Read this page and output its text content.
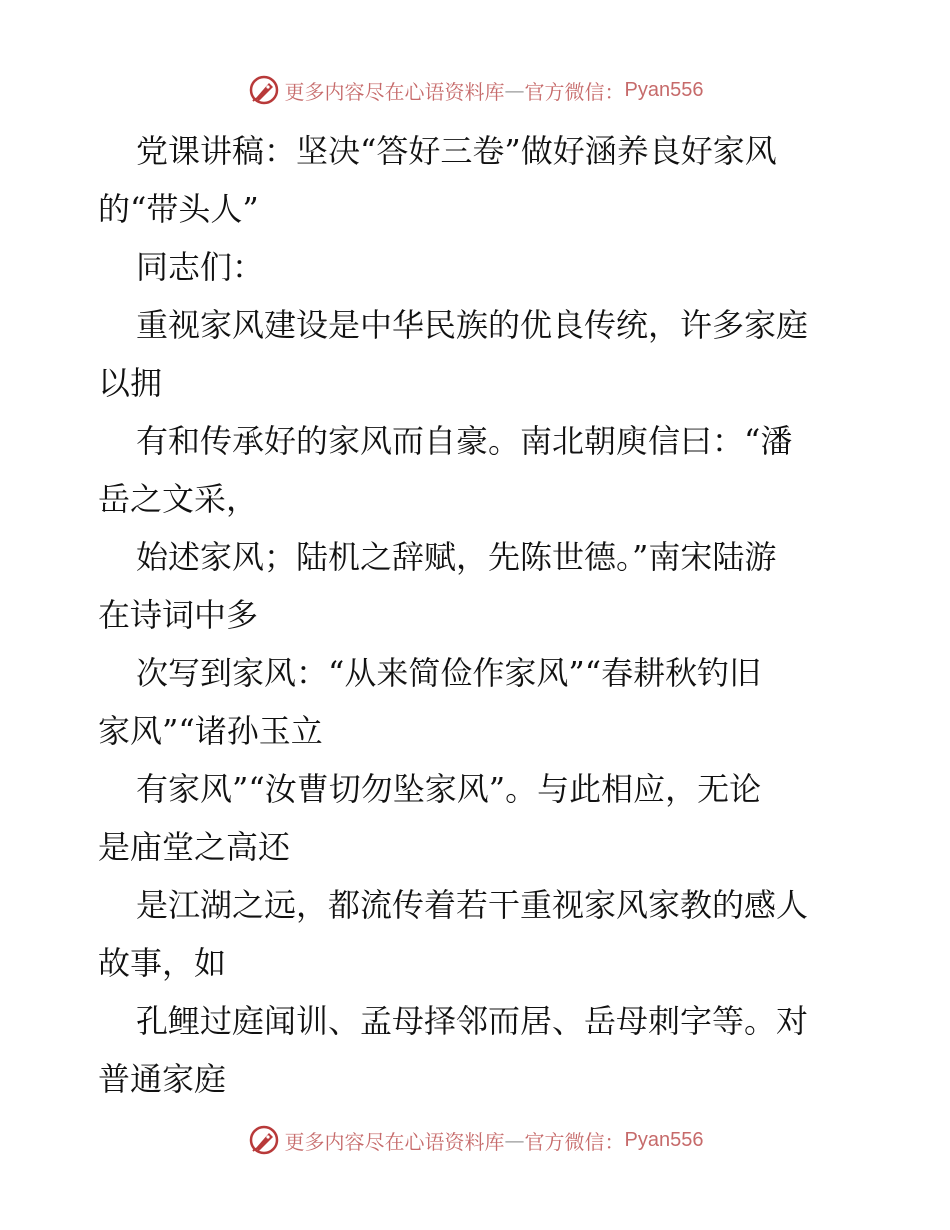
更多内容尽在心语资料库 — 官方微信： Pyan556
党课讲稿：坚决“答好三卷”做好涵养良好家风
的“带头人”
同志们：
重视家风建设是中华民族的优良传统，许多家庭
以拥
有和传承好的家风而自豪。南北朝庾信曰：“潘
岳之文采，
始述家风；陆机之辞赋，先陈世德。”南宋陆游
在诗词中多
次写到家风：“从来简俭作家风”“春耕秋钓旧
家风”“诸孙玉立
有家风”“汝曹切勿坠家风”。与此相应，无论
是庙堂之高还
是江湖之远，都流传着若干重视家风家教的感人
故事，如
孔鲤过庭闻训、孟母择邻而居、岳母刺字等。对
普通家庭
更多内容尽在心语资料库 — 官方微信： Pyan556
